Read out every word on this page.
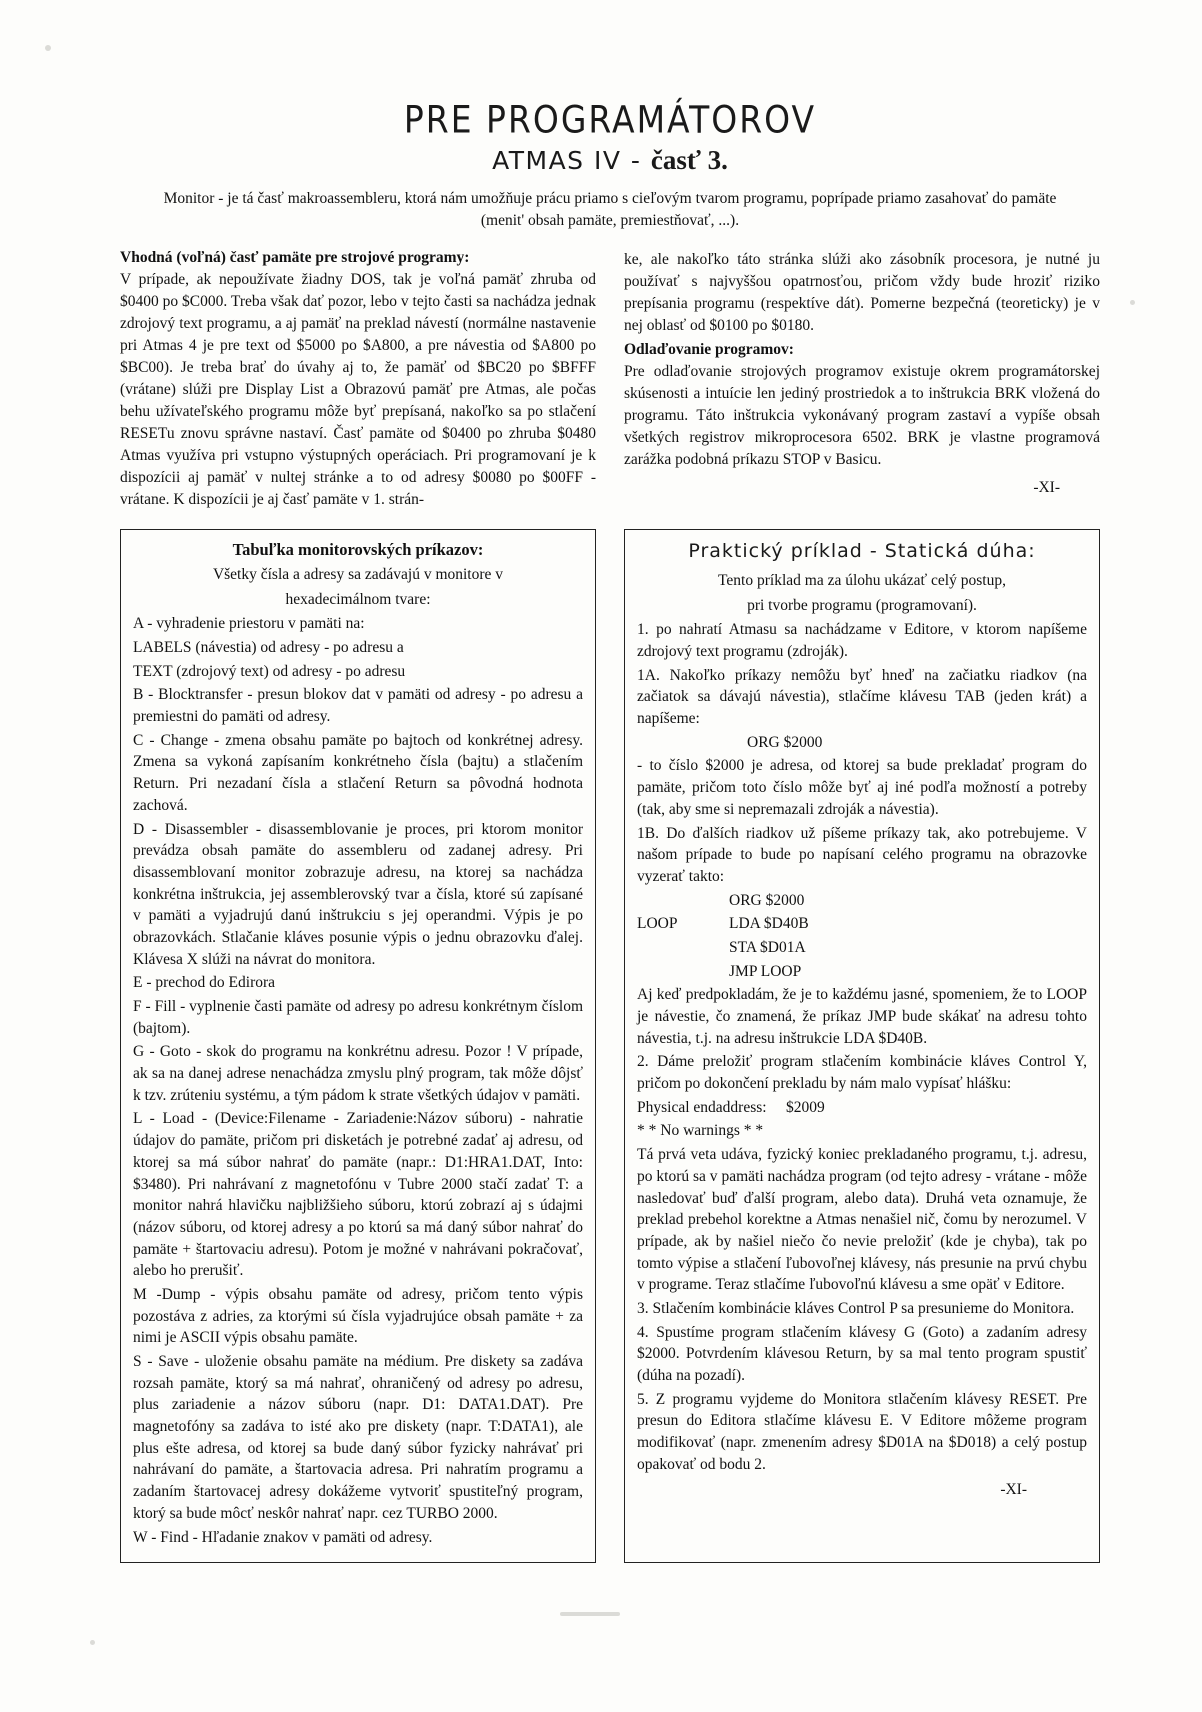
PRE PROGRAMÁTOROV
ATMAS IV - časť 3.
Monitor - je tá časť makroassembleru, ktorá nám umožňuje prácu priamo s cieľovým tvarom programu, poprípade priamo zasahovať do pamäte (menit' obsah pamäte, premiestňovať, ...).
Vhodná (voľná) časť pamäte pre strojové programy:

V prípade, ak nepoužívate žiadny DOS, tak je voľná pamäť zhruba od $0400 po $C000. Treba však dať pozor, lebo v tejto časti sa nachádza jednak zdrojový text programu, a aj pamäť na preklad návestí (normálne nastavenie pri Atmas 4 je pre text od $5000 po $A800, a pre návestia od $A800 po $BC00). Je treba brať do úvahy aj to, že pamäť od $BC20 po $BFFF (vrátane) slúži pre Display List a Obrazovú pamäť pre Atmas, ale počas behu užívateľského programu môže byť prepísaná, nakoľko sa po stlačení RESETu znovu správne nastaví. Časť pamäte od $0400 po zhruba $0480 Atmas využíva pri vstupno výstupných operáciach. Pri programovaní je k dispozícii aj pamäť v nultej stránke a to od adresy $0080 po $00FF - vrátane. K dispozícii je aj časť pamäte v 1. strán-

ke, ale nakoľko táto stránka slúži ako zásobník procesora, je nutné ju používať s najvyššou opatrnosťou, pričom vždy bude hroziť riziko prepísania programu (respektíve dát). Pomerne bezpečná (teoreticky) je v nej oblasť od $0100 po $0180.

Odlaďovanie programov:

Pre odlaďovanie strojových programov existuje okrem programátorskej skúsenosti a intuície len jediný prostriedok a to inštrukcia BRK vložená do programu. Táto inštrukcia vykonávaný program zastaví a vypíše obsah všetkých registrov mikroprocesora 6502. BRK je vlastne programová zarážka podobná príkazu STOP v Basicu.

-XI-
Tabuľka monitorovských príkazov:
Všetky čísla a adresy sa zadávajú v monitore v
hexadecimálnom tvare:
A - vyhradenie priestoru v pamäti na:
LABELS (návestia) od adresy - po adresu a
TEXT (zdrojový text) od adresy - po adresu
B - Blocktransfer - presun blokov dat v pamäti od adresy - po adresu a premiestni do pamäti od adresy.
C - Change - zmena obsahu pamäte po bajtoch od konkrétnej adresy. Zmena sa vykoná zapísaním konkrétneho čísla (bajtu) a stlačením Return. Pri nezadaní čísla a stlačení Return sa pôvodná hodnota zachová.
D - Disassembler - disassemblovanie je proces, pri ktorom monitor prevádza obsah pamäte do assembleru od zadanej adresy. Pri disassemblovaní monitor zobrazuje adresu, na ktorej sa nachádza konkrétna inštrukcia, jej assemblerovský tvar a čísla, ktoré sú zapísané v pamäti a vyjadrujú danú inštrukciu s jej operandmi. Výpis je po obrazovkách. Stlačanie kláves posunie výpis o jednu obrazovku ďalej. Klávesa X slúži na návrat do monitora.
E - prechod do Edirora
F - Fill - vyplnenie časti pamäte od adresy po adresu konkrétnym číslom (bajtom).
G - Goto - skok do programu na konkrétnu adresu. Pozor ! V prípade, ak sa na danej adrese nenachádza zmyslu plný program, tak môže dôjsť k tzv. zrúteniu systému, a tým pádom k strate všetkých údajov v pamäti.
L - Load - (Device:Filename - Zariadenie:Názov súboru) - nahratie údajov do pamäte, pričom pri disketách je potrebné zadať aj adresu, od ktorej sa má súbor nahrať do pamäte (napr.: D1:HRA1.DAT, Into: $3480). Pri nahrávaní z magnetofónu v Tubre 2000 stačí zadať T: a monitor nahrá hlavičku najbližšieho súboru, ktorú zobrazí aj s údajmi (názov súboru, od ktorej adresy a po ktorú sa má daný súbor nahrať do pamäte + štartovaciu adresu). Potom je možné v nahrávani pokračovať, alebo ho prerušiť.
M -Dump - výpis obsahu pamäte od adresy, pričom tento výpis pozostáva z adries, za ktorými sú čísla vyjadrujúce obsah pamäte + za nimi je ASCII výpis obsahu pamäte.
S - Save - uloženie obsahu pamäte na médium. Pre diskety sa zadáva rozsah pamäte, ktorý sa má nahrať, ohraničený od adresy po adresu, plus zariadenie a názov súboru (napr. D1: DATA1.DAT). Pre magnetofóny sa zadáva to isté ako pre diskety (napr. T:DATA1), ale plus ešte adresa, od ktorej sa bude daný súbor fyzicky nahrávať pri nahrávaní do pamäte, a štartovacia adresa. Pri nahratím programu a zadaním štartovacej adresy dokážeme vytvoriť spustiteľný program, ktorý sa bude môcť neskôr nahrať napr. cez TURBO 2000.
W - Find - Hľadanie znakov v pamäti od adresy.
Praktický príklad - Statická dúha:
Tento príklad ma za úlohu ukázať celý postup,
pri tvorbe programu (programovaní).
1. po nahratí Atmasu sa nachádzame v Editore, v ktorom napíšeme zdrojový text programu (zdroják).
1A. Nakoľko príkazy nemôžu byť hneď na začiatku riadkov (na začiatok sa dávajú návestia), stlačíme klávesu TAB (jeden krát) a napíšeme:
ORG $2000
- to číslo $2000 je adresa, od ktorej sa bude prekladať program do pamäte, pričom toto číslo môže byť aj iné podľa možností a potreby (tak, aby sme si nepremazali zdroják a návestia).
1B. Do ďalších riadkov už píšeme príkazy tak, ako potrebujeme. V našom prípade to bude po napísaní celého programu na obrazovke vyzerať takto:
ORG $2000
LOOP	LDA $D40B
STA $D01A
JMP LOOP
Aj keď predpokladám, že je to každému jasné, spomeniem, že to LOOP je návestie, čo znamená, že príkaz JMP bude skákať na adresu tohto návestia, t.j. na adresu inštrukcie LDA $D40B.
2. Dáme preložiť program stlačením kombinácie kláves Control Y, pričom po dokončení prekladu by nám malo vypísať hlášku:
Physical endaddress: $2009
* * No warnings * *
Tá prvá veta udáva, fyzický koniec prekladaného programu, t.j. adresu, po ktorú sa v pamäti nachádza program (od tejto adresy - vrátane - môže nasledovať buď ďalší program, alebo data). Druhá veta oznamuje, že preklad prebehol korektne a Atmas nenašiel nič, čomu by nerozumel. V prípade, ak by našiel niečo čo nevie preložiť (kde je chyba), tak po tomto výpise a stlačení ľubovoľnej klávesy, nás presunie na prvú chybu v programe. Teraz stlačíme ľubovoľnú klávesu a sme opäť v Editore.
3. Stlačením kombinácie kláves Control P sa presunieme do Monitora.
4. Spustíme program stlačením klávesy G (Goto) a zadaním adresy $2000. Potvrdením klávesou Return, by sa mal tento program spustiť (dúha na pozadí).
5. Z programu vyjdeme do Monitora stlačením klávesy RESET. Pre presun do Editora stlačíme klávesu E. V Editore môžeme program modifikovať (napr. zmenením adresy $D01A na $D018) a celý postup opakovať od bodu 2.
-XI-
